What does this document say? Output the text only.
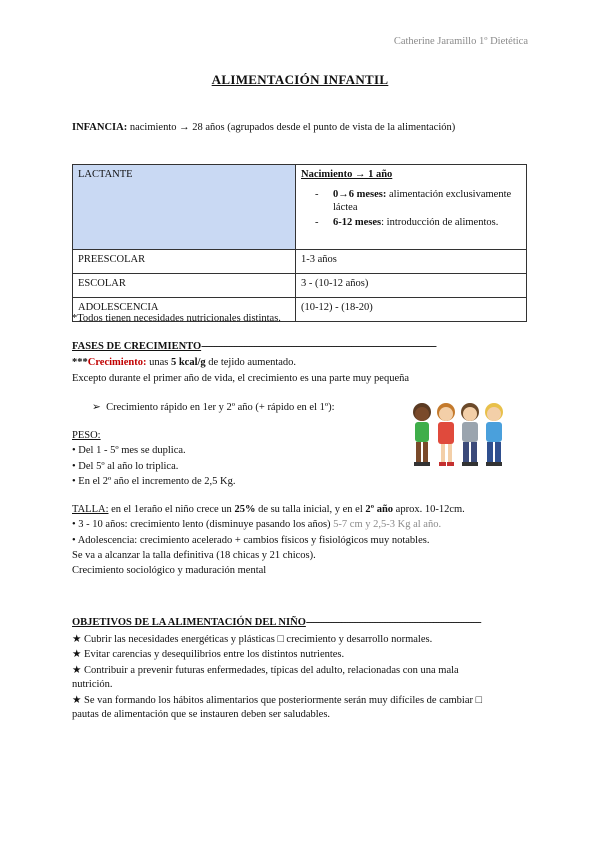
Catherine Jaramillo 1º Dietética
ALIMENTACIÓN INFANTIL
INFANCIA: nacimiento → 28 años (agrupados desde el punto de vista de la alimentación)
LACTANTE	Nacimiento → 1 año
- 0→6 meses: alimentación exclusivamente láctea
- 6-12 meses: introducción de alimentos.

PREESCOLAR	1-3 años
ESCOLAR	3 - (10-12 años)
ADOLESCENCIA	(10-12) - (18-20)
*Todos tienen necesidades nutricionales distintas.
FASES DE CRECIMIENTO----------------------------------------------------------------------------------------------
***Crecimiento: unas 5 kcal/g de tejido aumentado.
Excepto durante el primer año de vida, el crecimiento es una parte muy pequeña
➢ Crecimiento rápido en 1er y 2º año (+ rápido en el 1º):
PESO:
• Del 1 - 5º mes se duplica.
• Del 5º al año lo triplica.
• En el 2º año el incremento de 2,5 Kg.
TALLA: en el 1eraño el niño crece un 25% de su talla inicial, y en el 2º año aprox. 10-12cm.
• 3 - 10 años: crecimiento lento (disminuye pasando los años) 5-7 cm y 2,5-3 Kg al año.
• Adolescencia: crecimiento acelerado + cambios físicos y fisiológicos muy notables.
Se va a alcanzar la talla definitiva (18 chicas y 21 chicos).
Crecimiento sociológico y maduración mental
OBJETIVOS DE LA ALIMENTACIÓN DEL NIÑO----------------------------------------------------------------------
★ Cubrir las necesidades energéticas y plásticas □ crecimiento y desarrollo normales.
★ Evitar carencias y desequilibrios entre los distintos nutrientes.
★ Contribuir a prevenir futuras enfermedades, típicas del adulto, relacionadas con una mala
nutrición.
★ Se van formando los hábitos alimentarios que posteriormente serán muy difíciles de cambiar □
pautas de alimentación que se instauren deben ser saludables.
